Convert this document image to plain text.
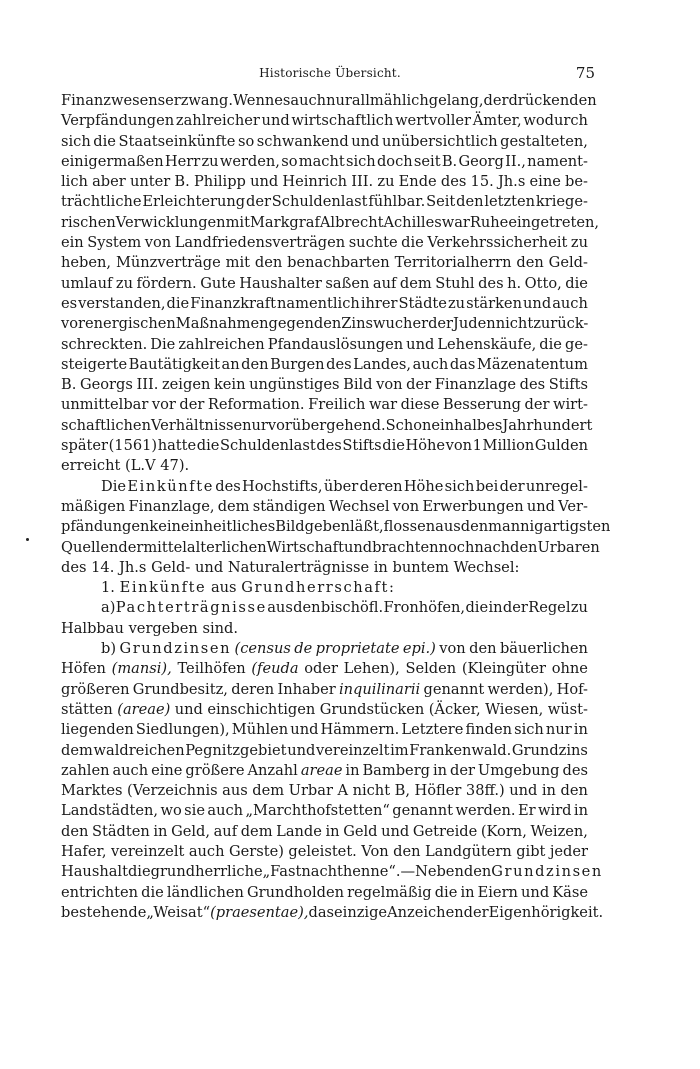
Historische Übersicht.	75
Finanzwesens erzwang. Wenn es auch nur allmählich gelang, der drückenden
Verpfändungen zahlreicher und wirtschaftlich wertvoller Ämter, wodurch
sich die Staatseinkünfte so schwankend und unübersichtlich gestalteten,
einigermaßen Herr zu werden, so macht sich doch seit B. Georg II., nament-
lich aber unter B. Philipp und Heinrich III. zu Ende des 15. Jh.s eine be-
trächtliche Erleichterung der Schuldenlast fühlbar. Seit den letzten kriege-
rischen Verwicklungen mit Markgraf Albrecht Achilles war Ruhe eingetreten,
ein System von Landfriedensverträgen suchte die Verkehrssicherheit zu
heben, Münzverträge mit den benachbarten Territorialherrn den Geld-
umlauf zu fördern. Gute Haushalter saßen auf dem Stuhl des h. Otto, die
es verstanden, die Finanzkraft namentlich ihrer Städte zu stärken und auch
vor energischen Maßnahmen gegen den Zinswucher der Juden nicht zurück-
schreckten. Die zahlreichen Pfandauslösungen und Lehenskäufe, die ge-
steigerte Bautätigkeit an den Burgen des Landes, auch das Mäzenatentum
B. Georgs III. zeigen kein ungünstiges Bild von der Finanzlage des Stifts
unmittelbar vor der Reformation. Freilich war diese Besserung der wirt-
schaftlichen Verhältnisse nur vorübergehend. Schon ein halbes Jahrhundert
später (1561) hatte die Schuldenlast des Stifts die Höhe von 1 Million Gulden
erreicht (L.V 47).
Die Einkünfte des Hochstifts, über deren Höhe sich bei der unregel-
mäßigen Finanzlage, dem ständigen Wechsel von Erwerbungen und Ver-
pfändungen kein einheitliches Bild geben läßt, flossen aus den mannigartigsten
Quellen der mittelalterlichen Wirtschaft und brachten noch nach den Urbaren
des 14. Jh.s Geld- und Naturalerträgnisse in buntem Wechsel:
1. Einkünfte aus Grundherrschaft:
a) Pachterträgnisse aus den bischöfl. Fronhöfen, die in der Regel zu
Halbbau vergeben sind.
b) Grundzinsen (census de proprietate epi.) von den bäuerlichen
Höfen (mansi), Teilhöfen (feuda oder Lehen), Selden (Kleingüter ohne
größeren Grundbesitz, deren Inhaber inquilinarii genannt werden), Hof-
stätten (areae) und einschichtigen Grundstücken (Äcker, Wiesen, wüst-
liegenden Siedlungen), Mühlen und Hämmern. Letztere finden sich nur in
dem waldreichen Pegnitzgebiet und vereinzelt im Frankenwald. Grundzins
zahlen auch eine größere Anzahl areae in Bamberg in der Umgebung des
Marktes (Verzeichnis aus dem Urbar A nicht B, Höfler 38ff.) und in den
Landstädten, wo sie auch „Marchthofstetten“ genannt werden. Er wird in
den Städten in Geld, auf dem Lande in Geld und Getreide (Korn, Weizen,
Hafer, vereinzelt auch Gerste) geleistet. Von den Landgütern gibt jeder
Haushalt die grundherrliche „Fastnachthenne“. — Neben den Grundzinsen
entrichten die ländlichen Grundholden regelmäßig die in Eiern und Käse
bestehende „Weisat“ (praesentae), das einzige Anzeichen der Eigenhörigkeit.
